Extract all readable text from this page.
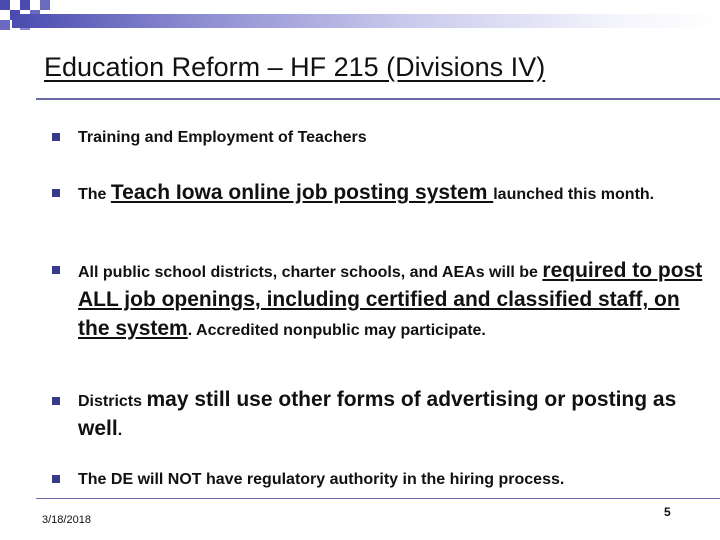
Education Reform – HF 215 (Divisions IV)
Training and Employment of Teachers
The Teach Iowa online job posting system launched this month.
All public school districts, charter schools, and AEAs will be required to post ALL job openings, including certified and classified staff, on the system. Accredited nonpublic may participate.
Districts may still use other forms of advertising or posting as well.
The DE will NOT have regulatory authority in the hiring process.
3/18/2018
5
